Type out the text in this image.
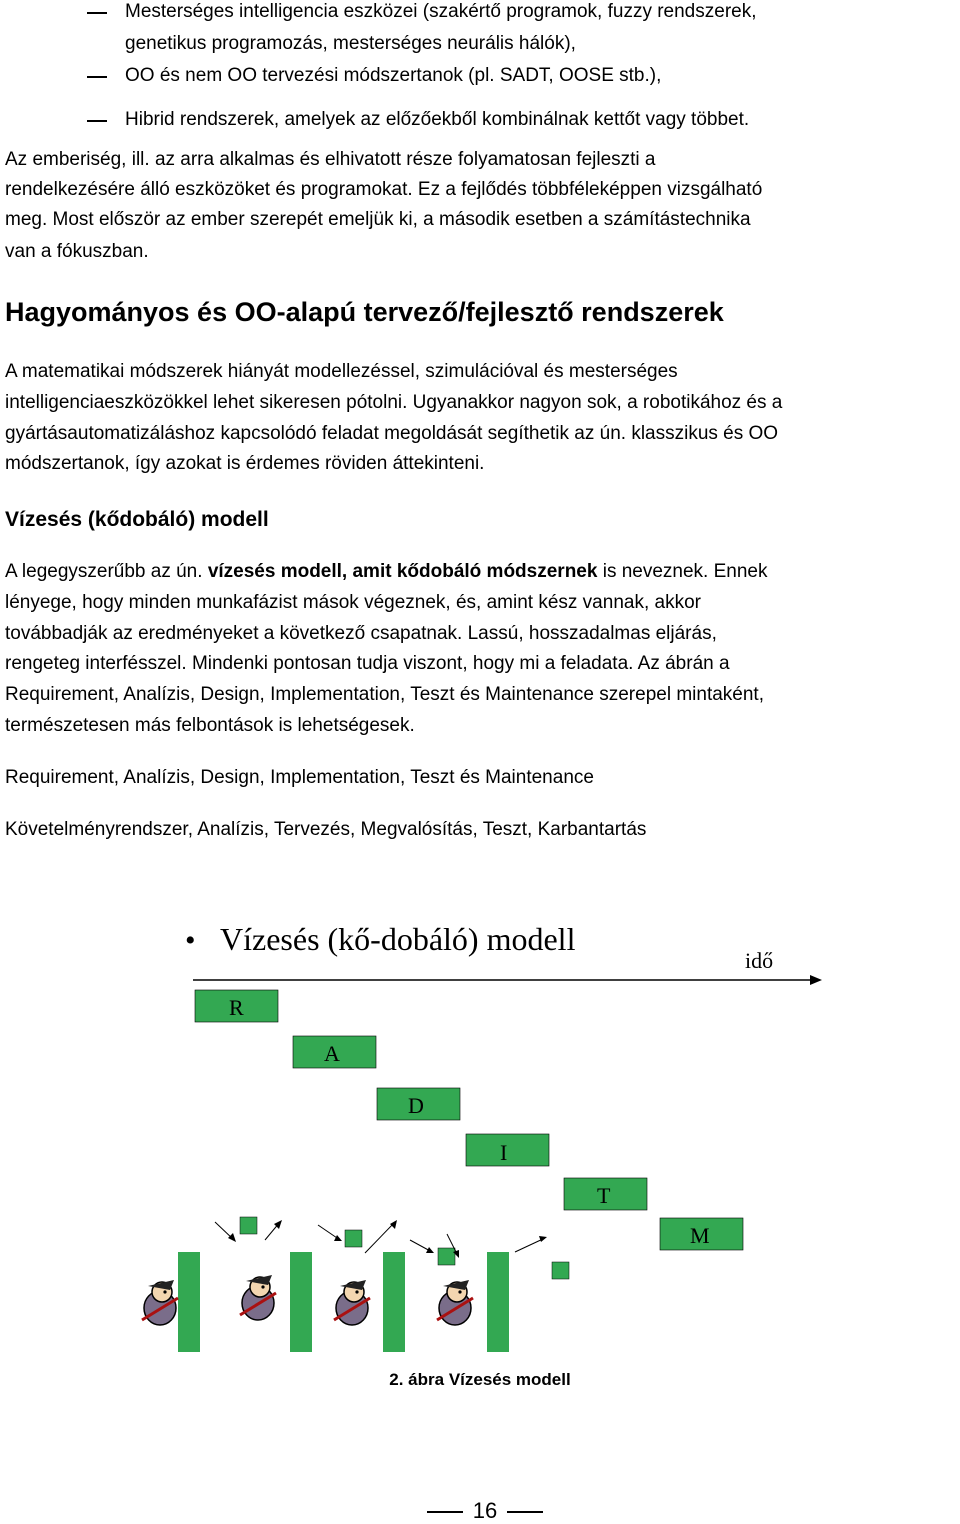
Mesterséges intelligencia eszközei (szakértő programok, fuzzy rendszerek,
genetikus programozás, mesterséges neurális hálók),
OO és nem OO tervezési módszertanok (pl. SADT, OOSE stb.),
Hibrid rendszerek, amelyek az előzőekből kombinálnak kettőt vagy többet.
Az emberiség, ill. az arra alkalmas és elhivatott része folyamatosan fejleszti a
rendelkezésére álló eszközöket és programokat. Ez a fejlődés többféleképpen vizsgálható
meg. Most először az ember szerepét emeljük ki, a második esetben a számítástechnika
van a fókuszban.
Hagyományos és OO-alapú tervező/fejlesztő rendszerek
A matematikai módszerek hiányát modellezéssel, szimulációval és mesterséges
intelligenciaeszközökkel lehet sikeresen pótolni. Ugyanakkor nagyon sok, a robotikához és a
gyártásautomatizáláshoz kapcsolódó feladat megoldását segíthetik az ún. klasszikus és OO
módszertanok, így azokat is érdemes röviden áttekinteni.
Vízesés (kődobáló) modell
A legegyszerűbb az ún. vízesés modell, amit kődobáló módszernek is neveznek. Ennek
lényege, hogy minden munkafázist mások végeznek, és, amint kész vannak, akkor
továbbadják az eredményeket a következő csapatnak. Lassú, hosszadalmas eljárás,
rengeteg interfésszel. Mindenki pontosan tudja viszont, hogy mi a feladata. Az ábrán a
Requirement, Analízis, Design, Implementation, Teszt és Maintenance szerepel mintaként,
természetesen más felbontások is lehetségesek.
Requirement, Analízis, Design, Implementation, Teszt és Maintenance
Követelményrendszer, Analízis, Tervezés, Megvalósítás, Teszt, Karbantartás
• Vízesés (kő-dobáló) modell
idő
R
A
D
I
T
M
2. ábra Vízesés modell
16
